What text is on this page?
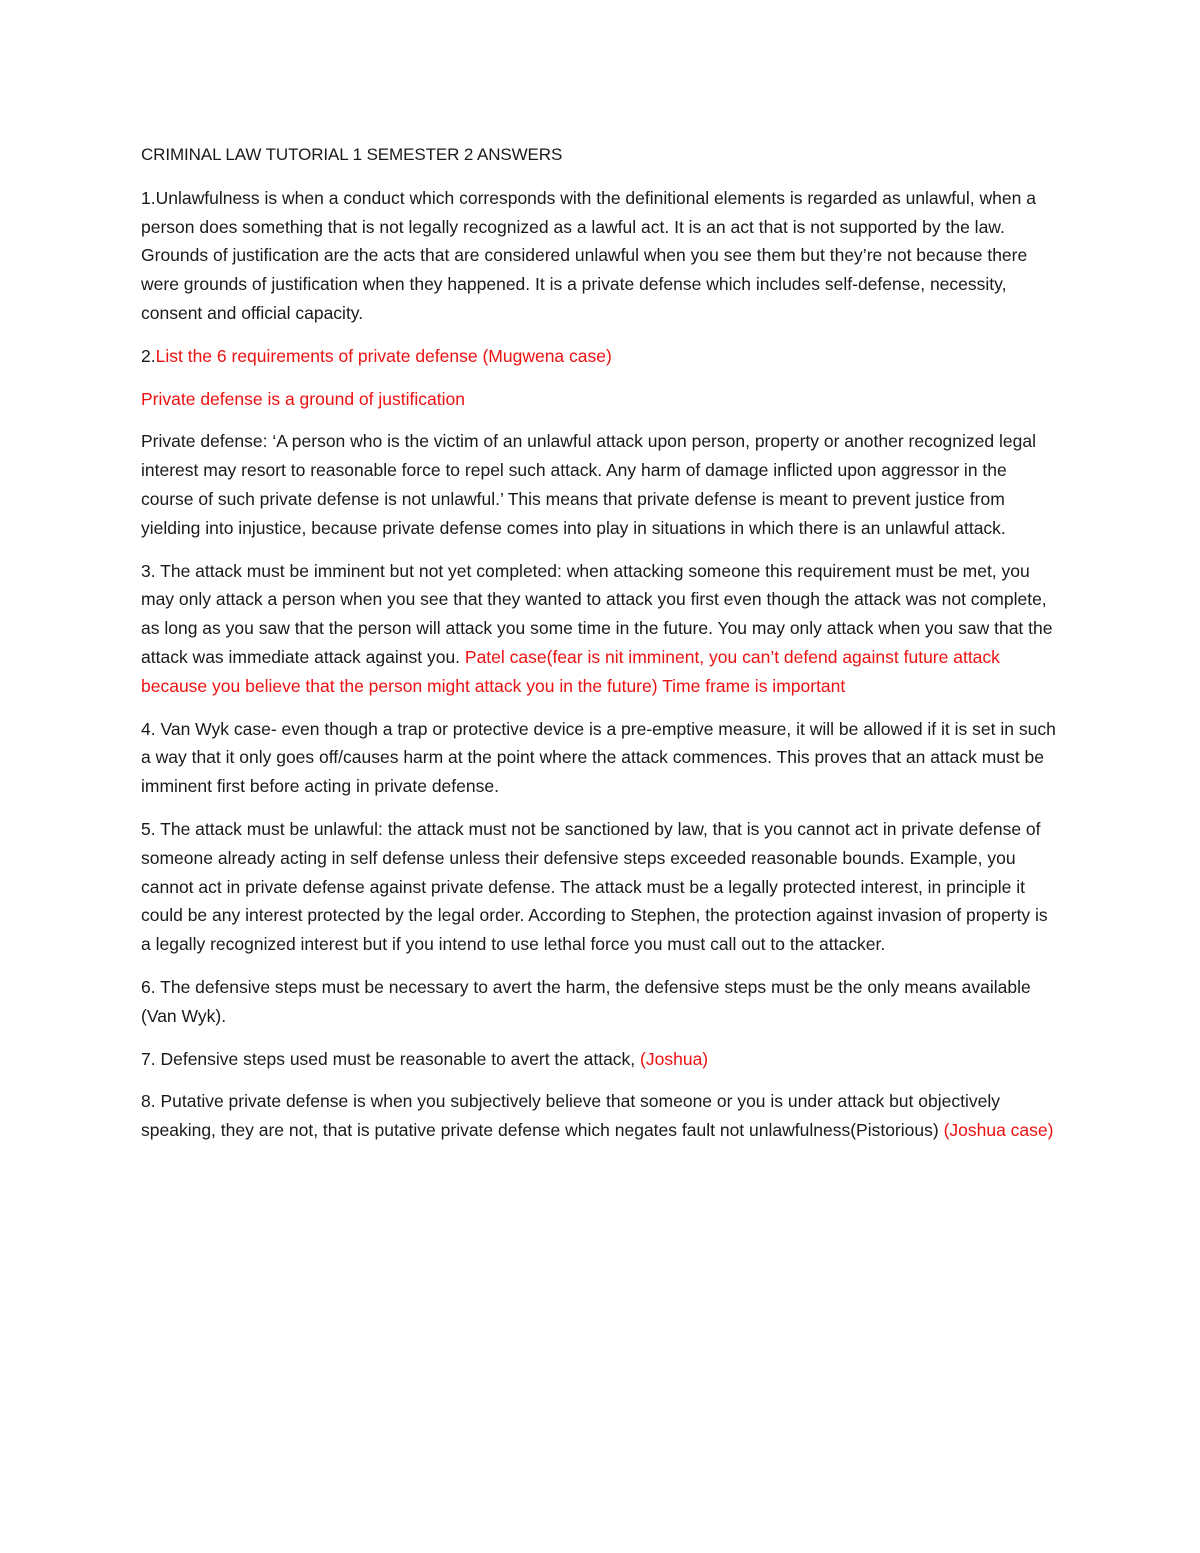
CRIMINAL LAW TUTORIAL 1 SEMESTER 2 ANSWERS

1.Unlawfulness is when a conduct which corresponds with the definitional elements is regarded as unlawful, when a person does something that is not legally recognized as a lawful act. It is an act that is not supported by the law. Grounds of justification are the acts that are considered unlawful when you see them but they’re not because there were grounds of justification when they happened. It is a private defense which includes self-defense, necessity, consent and official capacity.

2.List the 6 requirements of private defense (Mugwena case)

Private defense is a ground of justification

Private defense: ‘A person who is the victim of an unlawful attack upon person, property or another recognized legal interest may resort to reasonable force to repel such attack. Any harm of damage inflicted upon aggressor in the course of such private defense is not unlawful.’ This means that private defense is meant to prevent justice from yielding into injustice, because private defense comes into play in situations in which there is an unlawful attack.

3. The attack must be imminent but not yet completed: when attacking someone this requirement must be met, you may only attack a person when you see that they wanted to attack you first even though the attack was not complete, as long as you saw that the person will attack you some time in the future. You may only attack when you saw that the attack was immediate attack against you. Patel case(fear is nit imminent, you can’t defend against future attack because you believe that the person might attack you in the future) Time frame is important

4. Van Wyk case- even though a trap or protective device is a pre-emptive measure, it will be allowed if it is set in such a way that it only goes off/causes harm at the point where the attack commences. This proves that an attack must be imminent first before acting in private defense.

5. The attack must be unlawful: the attack must not be sanctioned by law, that is you cannot act in private defense of someone already acting in self defense unless their defensive steps exceeded reasonable bounds. Example, you cannot act in private defense against private defense. The attack must be a legally protected interest, in principle it could be any interest protected by the legal order. According to Stephen, the protection against invasion of property is a legally recognized interest but if you intend to use lethal force you must call out to the attacker.

6. The defensive steps must be necessary to avert the harm, the defensive steps must be the only means available (Van Wyk).

7. Defensive steps used must be reasonable to avert the attack, (Joshua)

8. Putative private defense is when you subjectively believe that someone or you is under attack but objectively speaking, they are not, that is putative private defense which negates fault not unlawfulness(Pistorious) (Joshua case)
